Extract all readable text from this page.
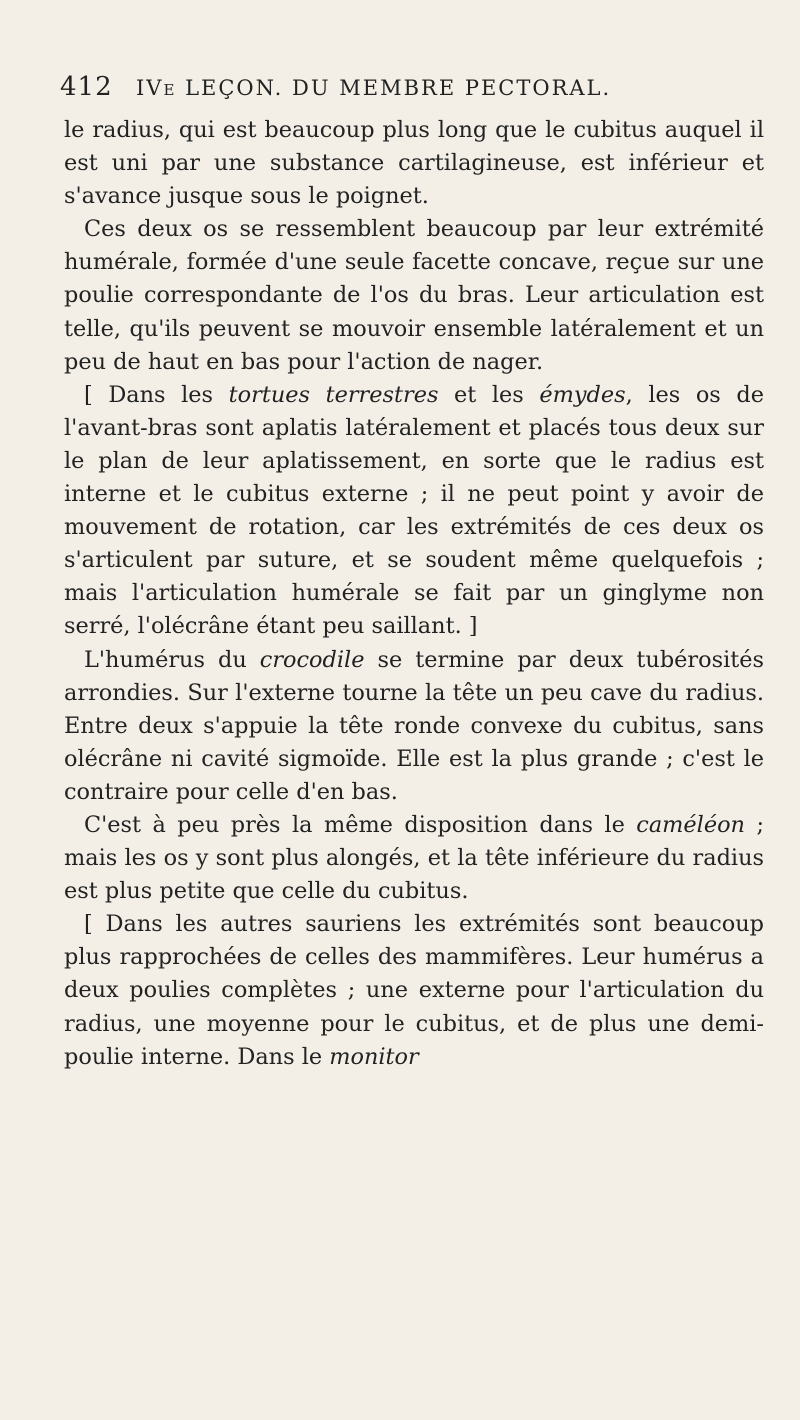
412 IVe LEÇON. DU MEMBRE PECTORAL.

le radius, qui est beaucoup plus long que le cubitus auquel il est uni par une substance cartilagineuse, est inférieur et s'avance jusque sous le poignet.

Ces deux os se ressemblent beaucoup par leur extrémité humérale, formée d'une seule facette concave, reçue sur une poulie correspondante de l'os du bras. Leur articulation est telle, qu'ils peuvent se mouvoir ensemble latéralement et un peu de haut en bas pour l'action de nager.

[ Dans les tortues terrestres et les émydes, les os de l'avant-bras sont aplatis latéralement et placés tous deux sur le plan de leur aplatissement, en sorte que le radius est interne et le cubitus externe ; il ne peut point y avoir de mouvement de rotation, car les extrémités de ces deux os s'articulent par suture, et se soudent même quelquefois ; mais l'articulation humérale se fait par un ginglyme non serré, l'olécrâne étant peu saillant. ]

L'humérus du crocodile se termine par deux tubérosités arrondies. Sur l'externe tourne la tête un peu cave du radius. Entre deux s'appuie la tête ronde convexe du cubitus, sans olécrâne ni cavité sigmoïde. Elle est la plus grande ; c'est le contraire pour celle d'en bas.

C'est à peu près la même disposition dans le caméléon ; mais les os y sont plus alongés, et la tête inférieure du radius est plus petite que celle du cubitus.

[ Dans les autres sauriens les extrémités sont beaucoup plus rapprochées de celles des mammifères. Leur humérus a deux poulies complètes ; une externe pour l'articulation du radius, une moyenne pour le cubitus, et de plus une demi-poulie interne. Dans le monitor
